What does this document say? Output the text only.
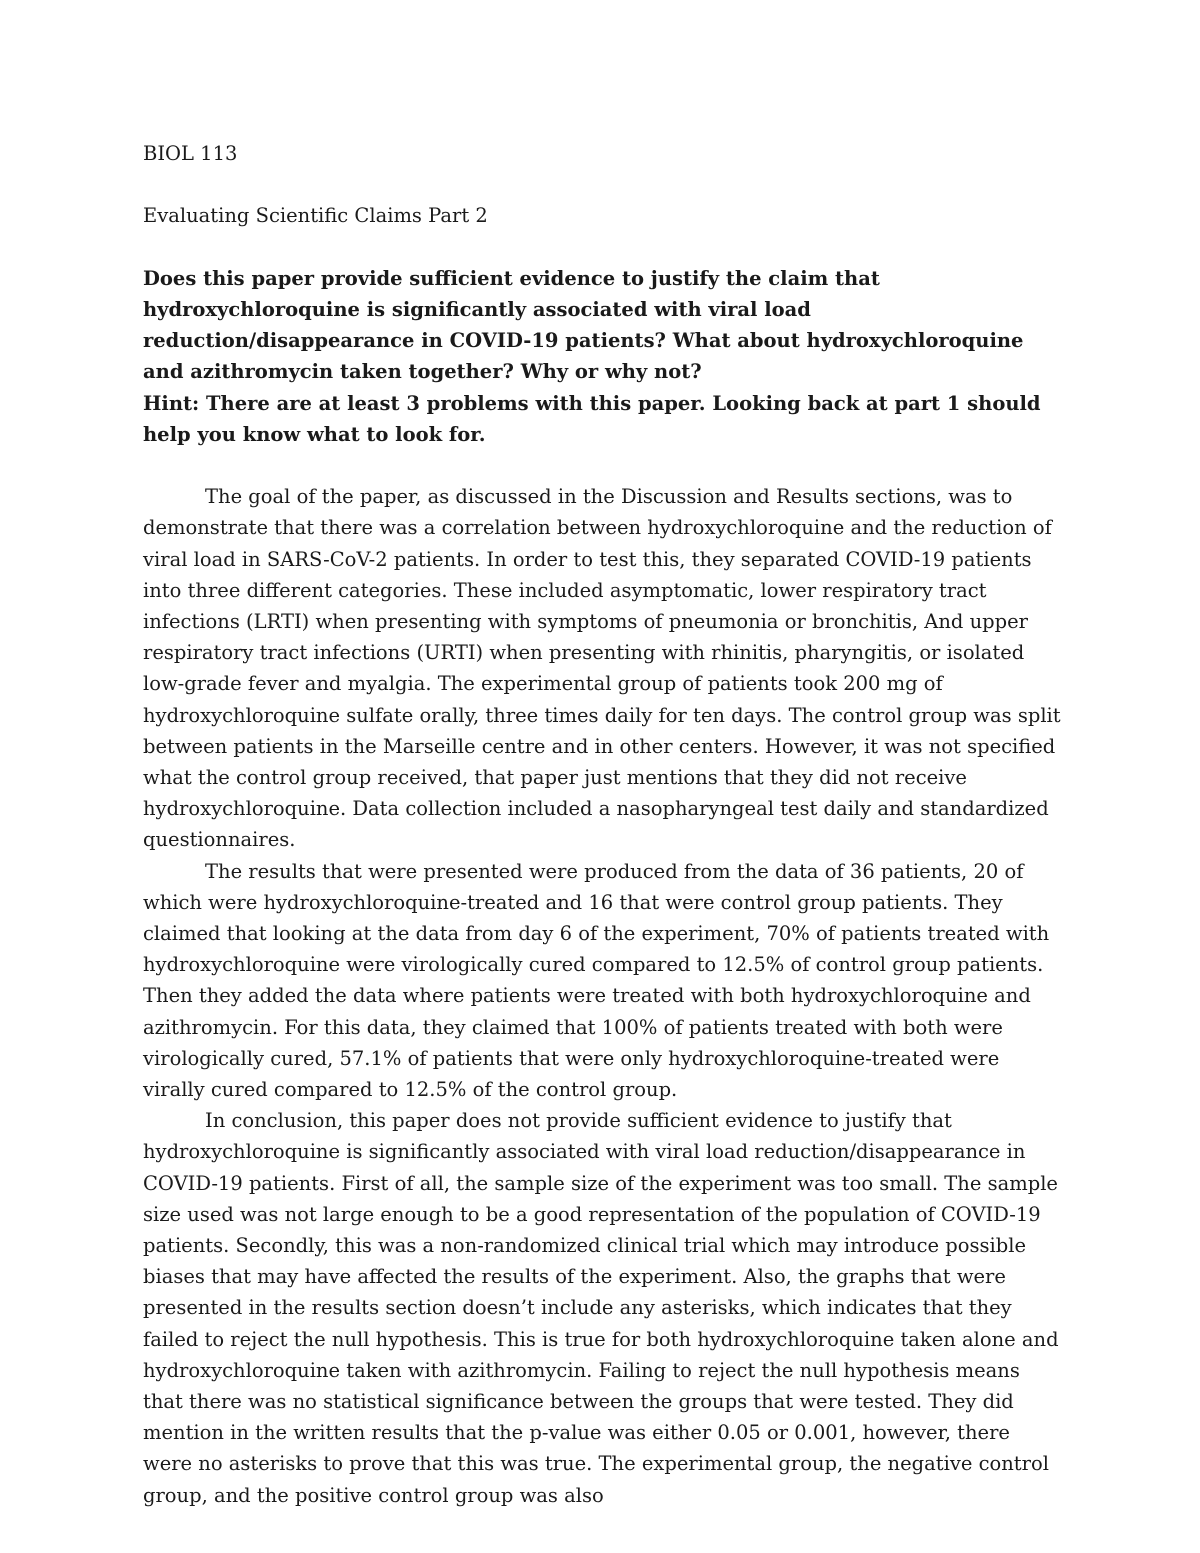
BIOL 113

Evaluating Scientific Claims Part 2

Does this paper provide sufficient evidence to justify the claim that hydroxychloroquine is significantly associated with viral load reduction/disappearance in COVID-19 patients? What about hydroxychloroquine and azithromycin taken together? Why or why not?
Hint: There are at least 3 problems with this paper. Looking back at part 1 should help you know what to look for.

The goal of the paper, as discussed in the Discussion and Results sections, was to demonstrate that there was a correlation between hydroxychloroquine and the reduction of viral load in SARS-CoV-2 patients. In order to test this, they separated COVID-19 patients into three different categories. These included asymptomatic, lower respiratory tract infections (LRTI) when presenting with symptoms of pneumonia or bronchitis, And upper respiratory tract infections (URTI) when presenting with rhinitis, pharyngitis, or isolated low-grade fever and myalgia. The experimental group of patients took 200 mg of hydroxychloroquine sulfate orally, three times daily for ten days. The control group was split between patients in the Marseille centre and in other centers. However, it was not specified what the control group received, that paper just mentions that they did not receive hydroxychloroquine. Data collection included a nasopharyngeal test daily and standardized questionnaires.

The results that were presented were produced from the data of 36 patients, 20 of which were hydroxychloroquine-treated and 16 that were control group patients. They claimed that looking at the data from day 6 of the experiment, 70% of patients treated with hydroxychloroquine were virologically cured compared to 12.5% of control group patients. Then they added the data where patients were treated with both hydroxychloroquine and azithromycin. For this data, they claimed that 100% of patients treated with both were virologically cured, 57.1% of patients that were only hydroxychloroquine-treated were virally cured compared to 12.5% of the control group.

In conclusion, this paper does not provide sufficient evidence to justify that hydroxychloroquine is significantly associated with viral load reduction/disappearance in COVID-19 patients. First of all, the sample size of the experiment was too small. The sample size used was not large enough to be a good representation of the population of COVID-19 patients. Secondly, this was a non-randomized clinical trial which may introduce possible biases that may have affected the results of the experiment. Also, the graphs that were presented in the results section doesn’t include any asterisks, which indicates that they failed to reject the null hypothesis. This is true for both hydroxychloroquine taken alone and hydroxychloroquine taken with azithromycin. Failing to reject the null hypothesis means that there was no statistical significance between the groups that were tested. They did mention in the written results that the p-value was either 0.05 or 0.001, however, there were no asterisks to prove that this was true. The experimental group, the negative control group, and the positive control group was also
